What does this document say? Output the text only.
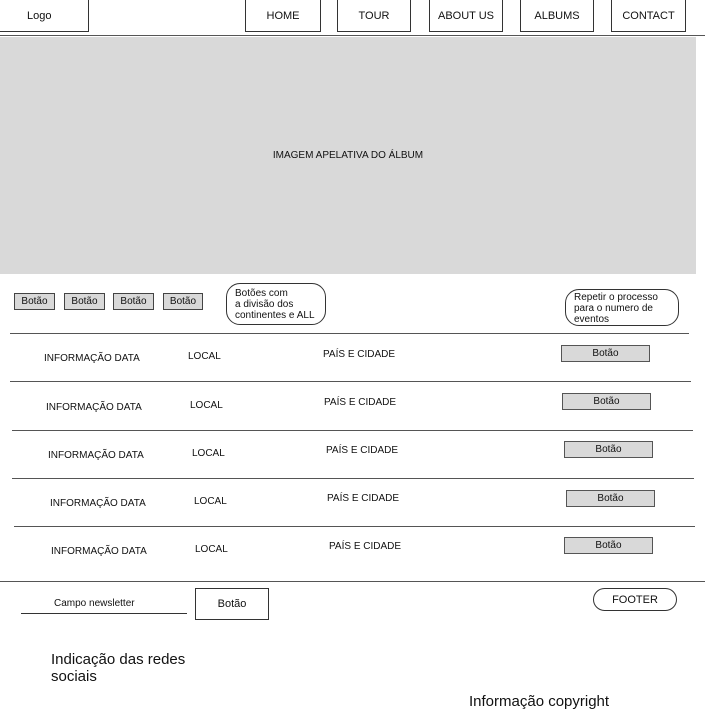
Logo	HOME	TOUR	ABOUT US	ALBUMS	CONTACT
IMAGEM APELATIVA DO ÁLBUM
Botão	Botão	Botão	Botão
Botões com
a divisão dos
continentes e ALL
Repetir o processo
para o numero de
eventos
INFORMAÇÃO DATA	LOCAL	PAÍS E CIDADE	Botão
INFORMAÇÃO DATA	LOCAL	PAÍS E CIDADE	Botão
INFORMAÇÃO DATA	LOCAL	PAÍS E CIDADE	Botão
INFORMAÇÃO DATA	LOCAL	PAÍS E CIDADE	Botão
INFORMAÇÃO DATA	LOCAL	PAÍS E CIDADE	Botão
Campo newsletter	Botão	FOOTER
Indicação das redes
sociais
Informação copyright
